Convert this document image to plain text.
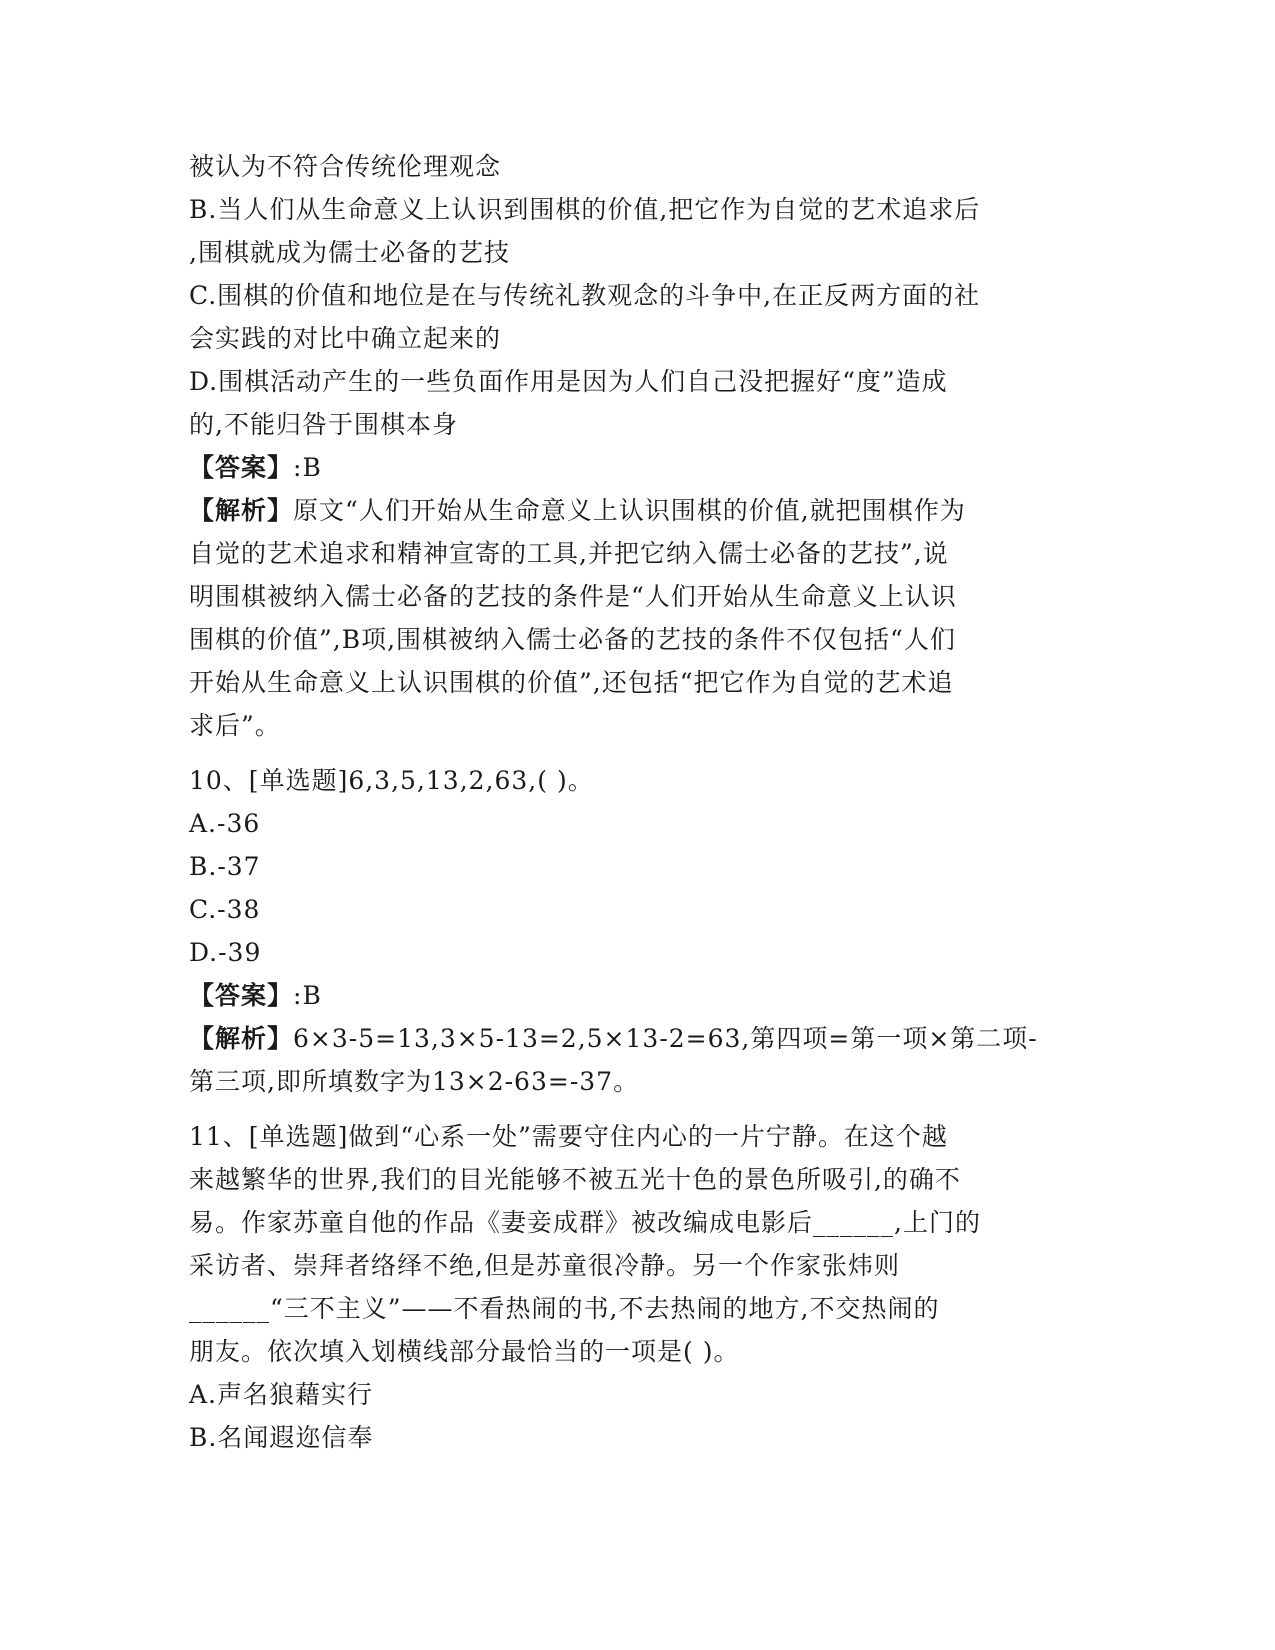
被认为不符合传统伦理观念
B.当人们从生命意义上认识到围棋的价值,把它作为自觉的艺术追求后
,围棋就成为儒士必备的艺技
C.围棋的价值和地位是在与传统礼教观念的斗争中,在正反两方面的社
会实践的对比中确立起来的
D.围棋活动产生的一些负面作用是因为人们自己没把握好“度”造成
的,不能归咎于围棋本身
【答案】:B
【解析】原文“人们开始从生命意义上认识围棋的价值,就把围棋作为
自觉的艺术追求和精神宣寄的工具,并把它纳入儒士必备的艺技”,说
明围棋被纳入儒士必备的艺技的条件是“人们开始从生命意义上认识
围棋的价值”,B项,围棋被纳入儒士必备的艺技的条件不仅包括“人们
开始从生命意义上认识围棋的价值”,还包括“把它作为自觉的艺术追
求后”。
10、[单选题]6,3,5,13,2,63,( )。
A.-36
B.-37
C.-38
D.-39
【答案】:B
【解析】6×3-5=13,3×5-13=2,5×13-2=63,第四项=第一项×第二项-
第三项,即所填数字为13×2-63=-37。
11、[单选题]做到“心系一处”需要守住内心的一片宁静。在这个越
来越繁华的世界,我们的目光能够不被五光十色的景色所吸引,的确不
易。作家苏童自他的作品《妻妾成群》被改编成电影后______,上门的
采访者、崇拜者络绎不绝,但是苏童很冷静。另一个作家张炜则
______“三不主义”——不看热闹的书,不去热闹的地方,不交热闹的
朋友。依次填入划横线部分最恰当的一项是( )。
A.声名狼藉实行
B.名闻遐迩信奉
